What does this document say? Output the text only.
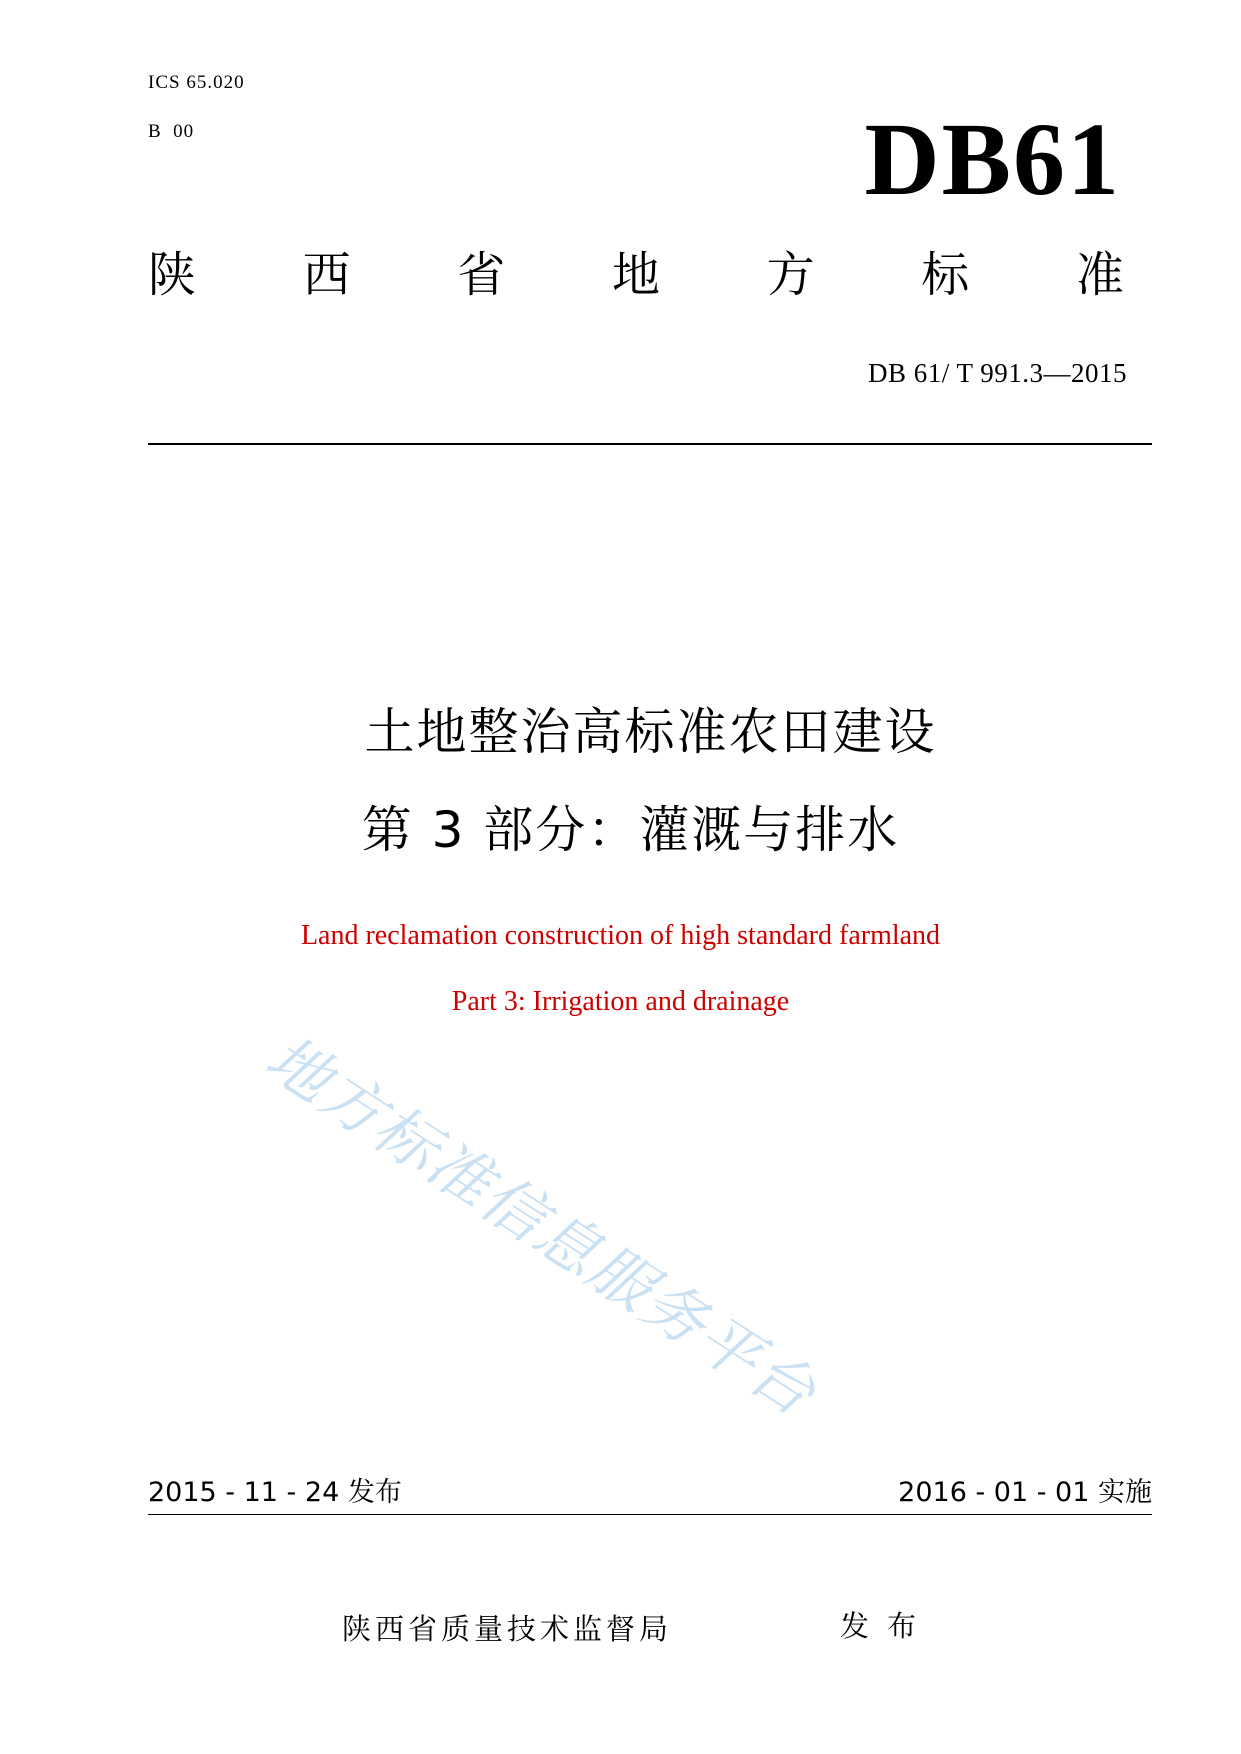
ICS 65.020
B  00	DB61
陕 西 省 地 方 标 准
DB 61/ T 991.3—2015
土地整治高标准农田建设
第 3 部分：灌溉与排水
Land reclamation construction of high standard farmland
Part 3: Irrigation and drainage
地方标准信息服务平台
2015 - 11 - 24 发布	2016 - 01 - 01 实施
陕西省质量技术监督局	发布
